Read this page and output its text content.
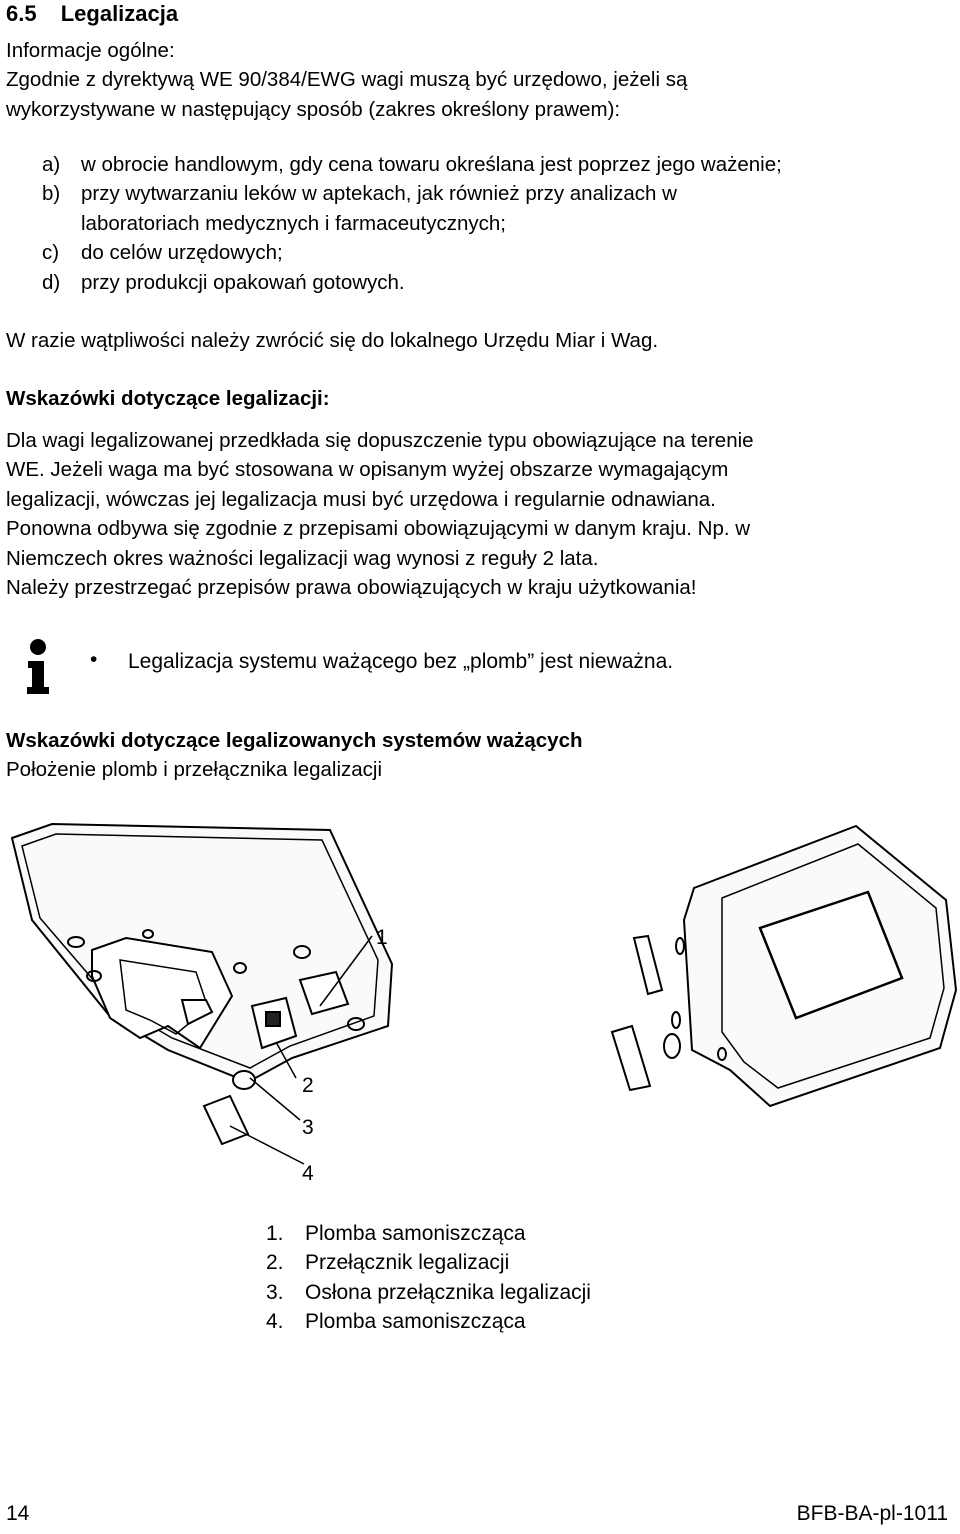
6.5 Legalizacja
Informacje ogólne:
Zgodnie z dyrektywą WE 90/384/EWG wagi muszą być urzędowo, jeżeli są
wykorzystywane w następujący sposób (zakres określony prawem):
a) w obrocie handlowym, gdy cena towaru określana jest poprzez jego ważenie;
b) przy wytwarzaniu leków w aptekach, jak również przy analizach w
laboratoriach medycznych i farmaceutycznych;
c) do celów urzędowych;
d) przy produkcji opakowań gotowych.
W razie wątpliwości należy zwrócić się do lokalnego Urzędu Miar i Wag.
Wskazówki dotyczące legalizacji:
Dla wagi legalizowanej przedkłada się dopuszczenie typu obowiązujące na terenie
WE. Jeżeli waga ma być stosowana w opisanym wyżej obszarze wymagającym
legalizacji, wówczas jej legalizacja musi być urzędowa i regularnie odnawiana.
Ponowna odbywa się zgodnie z przepisami obowiązującymi w danym kraju. Np. w
Niemczech okres ważności legalizacji wag wynosi z reguły 2 lata.
Należy przestrzegać przepisów prawa obowiązujących w kraju użytkowania!
• Legalizacja systemu ważącego bez „plomb” jest nieważna.
Wskazówki dotyczące legalizowanych systemów ważących
Położenie plomb i przełącznika legalizacji
1
2
3
4
1. Plomba samoniszcząca
2. Przełącznik legalizacji
3. Osłona przełącznika legalizacji
4. Plomba samoniszcząca
14	BFB-BA-pl-1011
